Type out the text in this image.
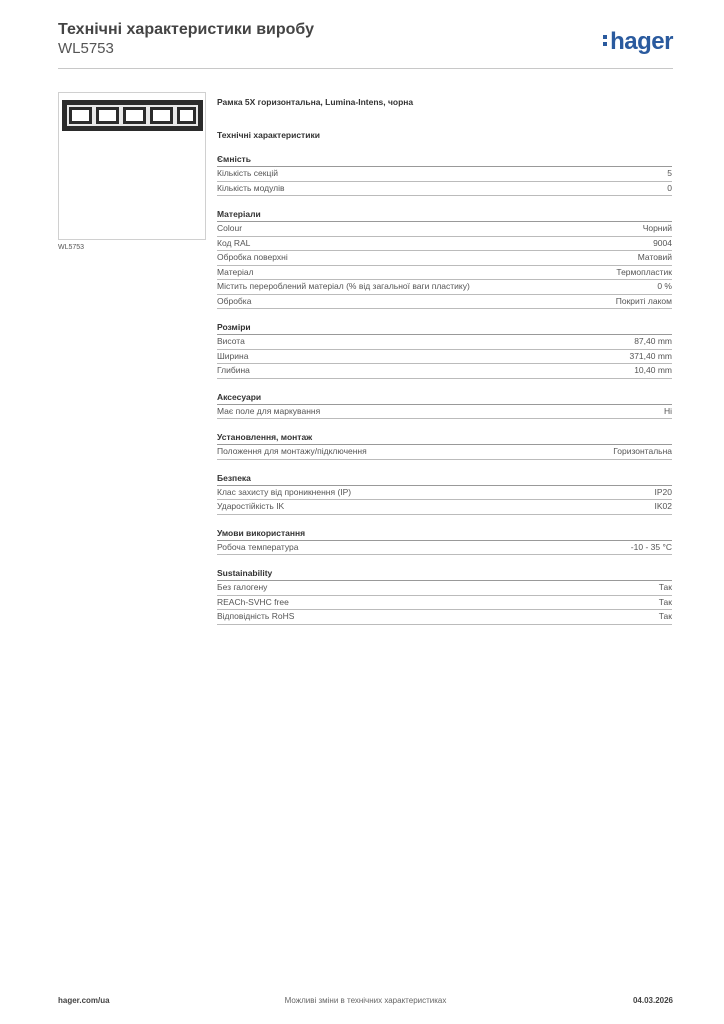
Технічні характеристики виробу
WL5753	hager
WL5753
Рамка 5Х горизонтальна, Lumina-Intens, чорна
Технічні характеристики
Ємність
Кількість секцій	5
Кількість модулів	0
Матеріали
Colour	Чорний
Код RAL	9004
Обробка поверхні	Матовий
Матеріал	Термопластик
Містить перероблений матеріал (% від загальної ваги пластику)	0 %
Обробка	Покриті лаком
Розміри
Висота	87,40 mm
Ширина	371,40 mm
Глибина	10,40 mm
Аксесуари
Має поле для маркування	Ні
Установлення, монтаж
Положення для монтажу/підключення	Горизонтальна
Безпека
Клас захисту від проникнення (IP)	IP20
Ударостійкість IK	IK02
Умови використання
Робоча температура	-10 - 35 °C
Sustainability
Без галогену	Так
REACh-SVHC free	Так
Відповідність RoHS	Так
hager.com/ua	Можливі зміни в технічних характеристиках	04.03.2026
